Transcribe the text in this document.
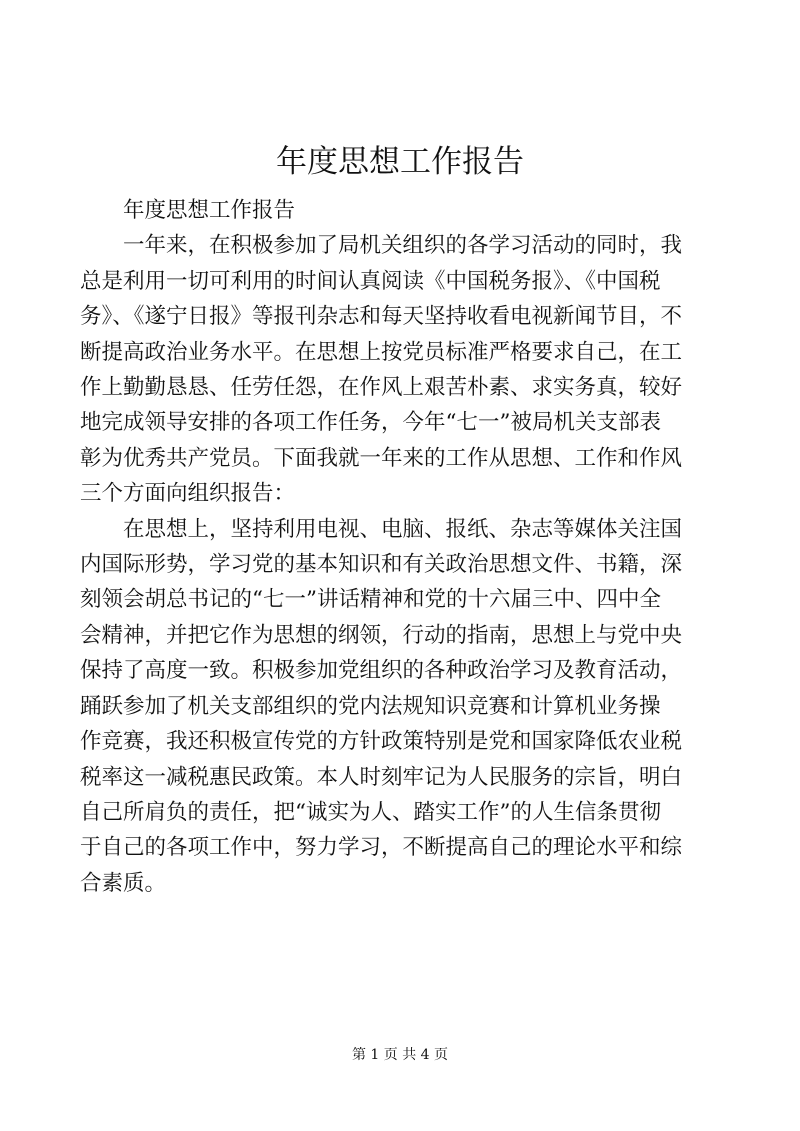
年度思想工作报告
年度思想工作报告
一年来，在积极参加了局机关组织的各学习活动的同时，我
总是利用一切可利用的时间认真阅读《中国税务报》、《中国税
务》、《遂宁日报》等报刊杂志和每天坚持收看电视新闻节目，不
断提高政治业务水平。在思想上按党员标准严格要求自己，在工
作上勤勤恳恳、任劳任怨，在作风上艰苦朴素、求实务真，较好
地完成领导安排的各项工作任务，今年“七一”被局机关支部表
彰为优秀共产党员。下面我就一年来的工作从思想、工作和作风
三个方面向组织报告：
在思想上，坚持利用电视、电脑、报纸、杂志等媒体关注国
内国际形势，学习党的基本知识和有关政治思想文件、书籍，深
刻领会胡总书记的“七一”讲话精神和党的十六届三中、四中全
会精神，并把它作为思想的纲领，行动的指南，思想上与党中央
保持了高度一致。积极参加党组织的各种政治学习及教育活动，
踊跃参加了机关支部组织的党内法规知识竞赛和计算机业务操
作竞赛，我还积极宣传党的方针政策特别是党和国家降低农业税
税率这一减税惠民政策。本人时刻牢记为人民服务的宗旨，明白
自己所肩负的责任，把“诚实为人、踏实工作”的人生信条贯彻
于自己的各项工作中，努力学习，不断提高自己的理论水平和综
合素质。
第 1 页 共 4 页
